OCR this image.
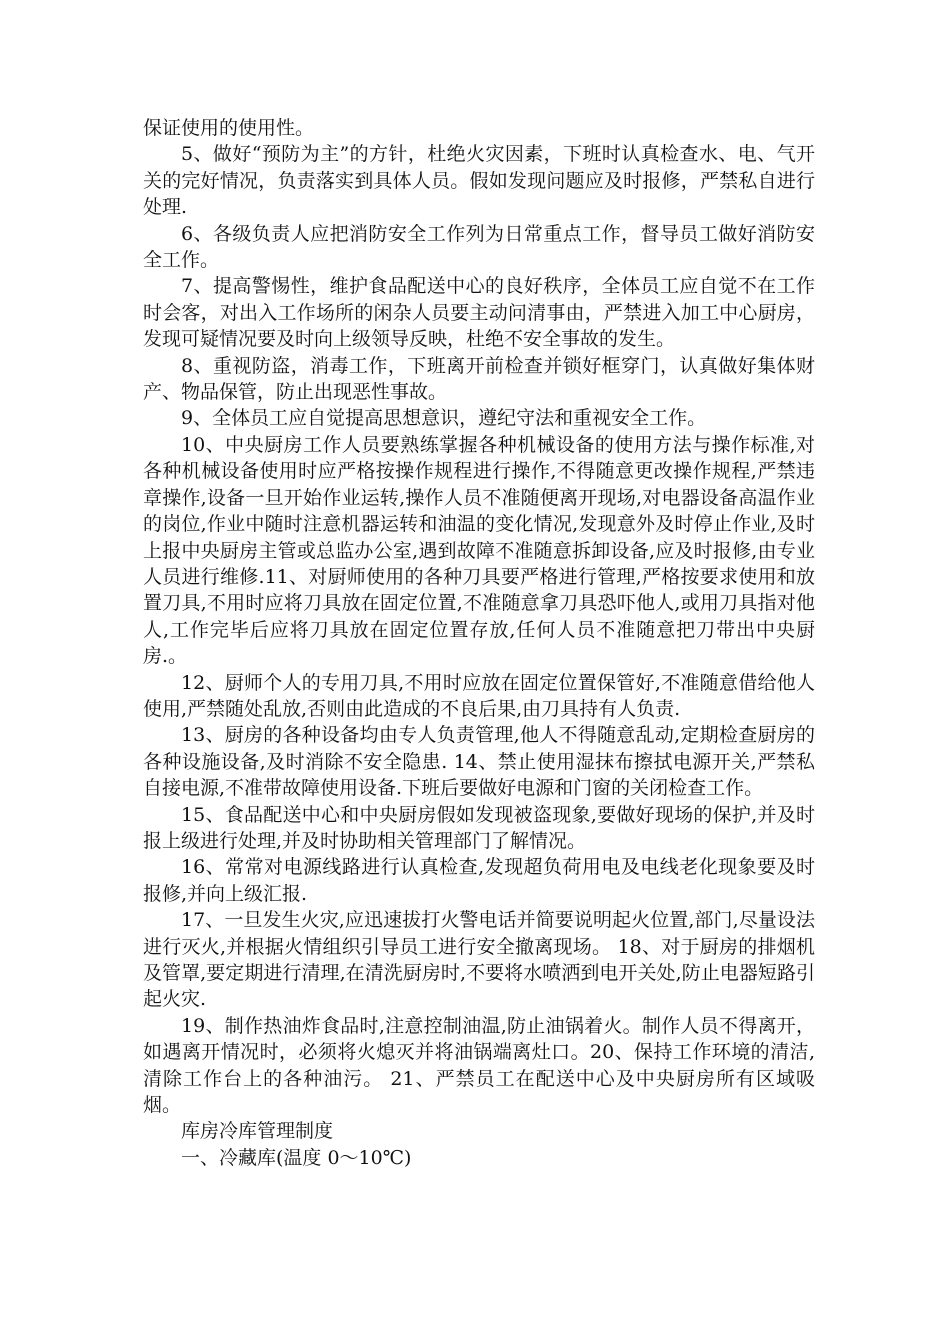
保证使用的使用性。

5、做好“预防为主”的方针，杜绝火灾因素，下班时认真检查水、电、气开关的完好情况，负责落实到具体人员。假如发现问题应及时报修，严禁私自进行处理.

6、各级负责人应把消防安全工作列为日常重点工作，督导员工做好消防安全工作。

7、提高警惕性，维护食品配送中心的良好秩序，全体员工应自觉不在工作时会客，对出入工作场所的闲杂人员要主动问清事由，严禁进入加工中心厨房，发现可疑情况要及时向上级领导反映，杜绝不安全事故的发生。

8、重视防盗，消毒工作，下班离开前检查并锁好框穿门，认真做好集体财产、物品保管，防止出现恶性事故。

9、全体员工应自觉提高思想意识，遵纪守法和重视安全工作。

10、中央厨房工作人员要熟练掌握各种机械设备的使用方法与操作标准,对各种机械设备使用时应严格按操作规程进行操作,不得随意更改操作规程,严禁违章操作,设备一旦开始作业运转,操作人员不准随便离开现场,对电器设备高温作业的岗位,作业中随时注意机器运转和油温的变化情况,发现意外及时停止作业,及时上报中央厨房主管或总监办公室,遇到故障不准随意拆卸设备,应及时报修,由专业人员进行维修.11、对厨师使用的各种刀具要严格进行管理,严格按要求使用和放置刀具,不用时应将刀具放在固定位置,不准随意拿刀具恐吓他人,或用刀具指对他人,工作完毕后应将刀具放在固定位置存放,任何人员不准随意把刀带出中央厨房.。

12、厨师个人的专用刀具,不用时应放在固定位置保管好,不准随意借给他人使用,严禁随处乱放,否则由此造成的不良后果,由刀具持有人负责.

13、厨房的各种设备均由专人负责管理,他人不得随意乱动,定期检查厨房的各种设施设备,及时消除不安全隐患. 14、禁止使用湿抹布擦拭电源开关,严禁私自接电源,不准带故障使用设备.下班后要做好电源和门窗的关闭检查工作。

15、食品配送中心和中央厨房假如发现被盗现象,要做好现场的保护,并及时报上级进行处理,并及时协助相关管理部门了解情况。

16、常常对电源线路进行认真检查,发现超负荷用电及电线老化现象要及时报修,并向上级汇报.

17、一旦发生火灾,应迅速拔打火警电话并简要说明起火位置,部门,尽量设法进行灭火,并根据火情组织引导员工进行安全撤离现场。 18、对于厨房的排烟机及管罩,要定期进行清理,在清洗厨房时,不要将水喷洒到电开关处,防止电器短路引起火灾.

19、制作热油炸食品时,注意控制油温,防止油锅着火。制作人员不得离开，如遇离开情况时，必须将火熄灭并将油锅端离灶口。20、保持工作环境的清洁,清除工作台上的各种油污。 21、严禁员工在配送中心及中央厨房所有区域吸烟。

库房冷库管理制度

一、冷藏库(温度 0～10℃)
